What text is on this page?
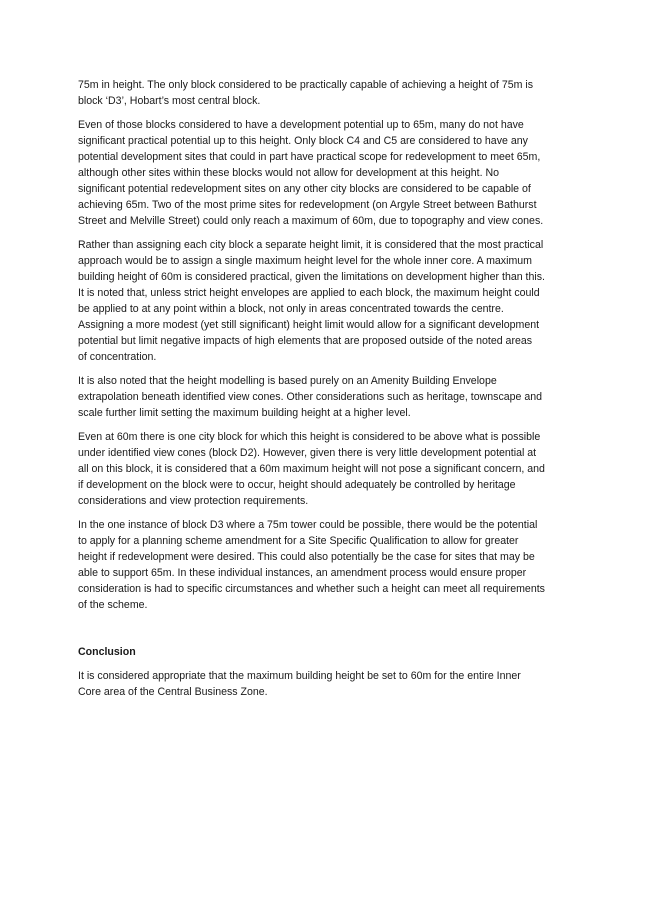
75m in height. The only block considered to be practically capable of achieving a height of 75m is
block ‘D3’, Hobart’s most central block.

Even of those blocks considered to have a development potential up to 65m, many do not have
significant practical potential up to this height. Only block C4 and C5 are considered to have any
potential development sites that could in part have practical scope for redevelopment to meet 65m,
although other sites within these blocks would not allow for development at this height. No
significant potential redevelopment sites on any other city blocks are considered to be capable of
achieving 65m. Two of the most prime sites for redevelopment (on Argyle Street between Bathurst
Street and Melville Street) could only reach a maximum of 60m, due to topography and view cones.

Rather than assigning each city block a separate height limit, it is considered that the most practical
approach would be to assign a single maximum height level for the whole inner core. A maximum
building height of 60m is considered practical, given the limitations on development higher than this.
It is noted that, unless strict height envelopes are applied to each block, the maximum height could
be applied to at any point within a block, not only in areas concentrated towards the centre.
Assigning a more modest (yet still significant) height limit would allow for a significant development
potential but limit negative impacts of high elements that are proposed outside of the noted areas
of concentration.

It is also noted that the height modelling is based purely on an Amenity Building Envelope
extrapolation beneath identified view cones. Other considerations such as heritage, townscape and
scale further limit setting the maximum building height at a higher level.

Even at 60m there is one city block for which this height is considered to be above what is possible
under identified view cones (block D2). However, given there is very little development potential at
all on this block, it is considered that a 60m maximum height will not pose a significant concern, and
if development on the block were to occur, height should adequately be controlled by heritage
considerations and view protection requirements.

In the one instance of block D3 where a 75m tower could be possible, there would be the potential
to apply for a planning scheme amendment for a Site Specific Qualification to allow for greater
height if redevelopment were desired. This could also potentially be the case for sites that may be
able to support 65m. In these individual instances, an amendment process would ensure proper
consideration is had to specific circumstances and whether such a height can meet all requirements
of the scheme.

Conclusion

It is considered appropriate that the maximum building height be set to 60m for the entire Inner
Core area of the Central Business Zone.
